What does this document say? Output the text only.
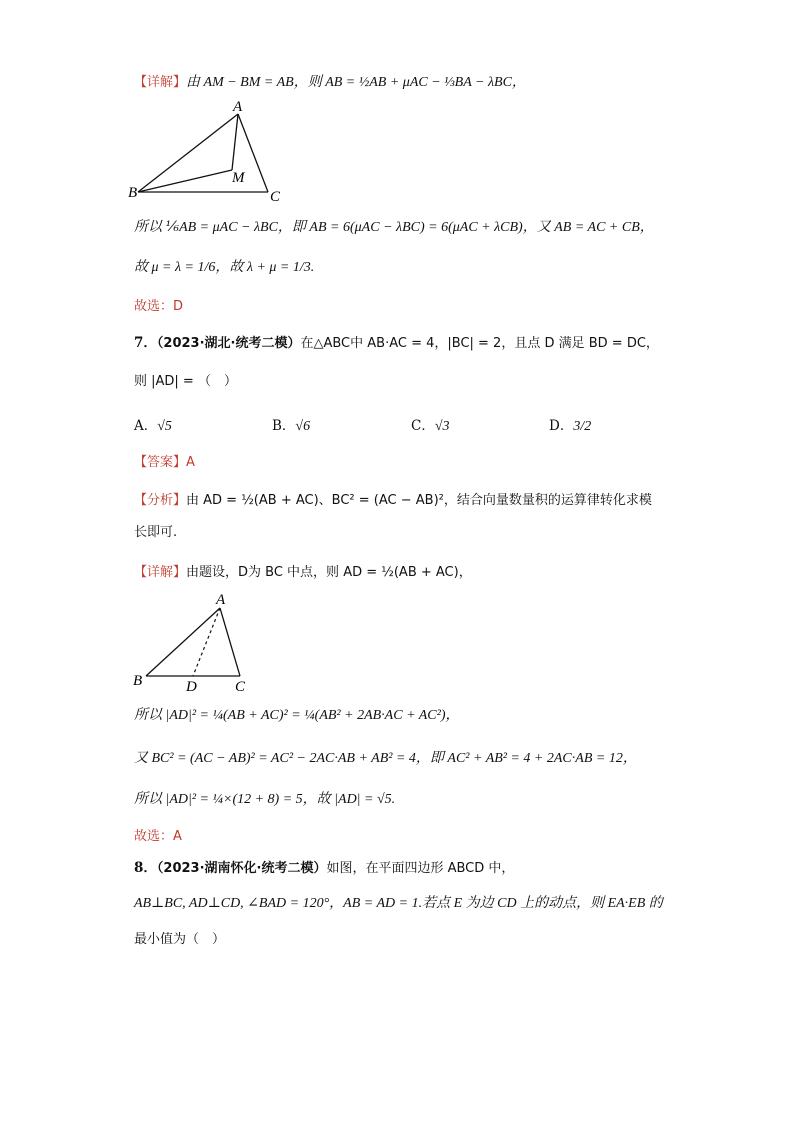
【详解】由 AM − BM = AB，则 AB = ½AB + μAC − ⅓BA − λBC，
A
B	C
M
所以 ⅙AB = μAC − λBC，即 AB = 6(μAC − λBC) = 6(μAC + λCB)，又 AB = AC + CB，
故 μ = λ = 1/6，故 λ + μ = 1/3.
故选：D
7．（2023·湖北·统考二模）在△ABC中 AB·AC = 4，|BC| = 2，且点 D 满足 BD = DC，
则 |AD| = （　）
A．√5	B．√6	C．√3	D．3/2
【答案】A
【分析】由 AD = ½(AB + AC)、BC² = (AC − AB)²，结合向量数量积的运算律转化求模
长即可.
【详解】由题设，D为 BC 中点，则 AD = ½(AB + AC)，
A
B	C
D
所以 |AD|² = ¼(AB + AC)² = ¼(AB² + 2AB·AC + AC²)，
又 BC² = (AC − AB)² = AC² − 2AC·AB + AB² = 4，即 AC² + AB² = 4 + 2AC·AB = 12，
所以 |AD|² = ¼×(12 + 8) = 5，故 |AD| = √5.
故选：A
8．（2023·湖南怀化·统考二模）如图，在平面四边形 ABCD 中，
AB⊥BC, AD⊥CD, ∠BAD = 120°，AB = AD = 1.若点 E 为边 CD 上的动点，则 EA·EB 的
最小值为（　）
